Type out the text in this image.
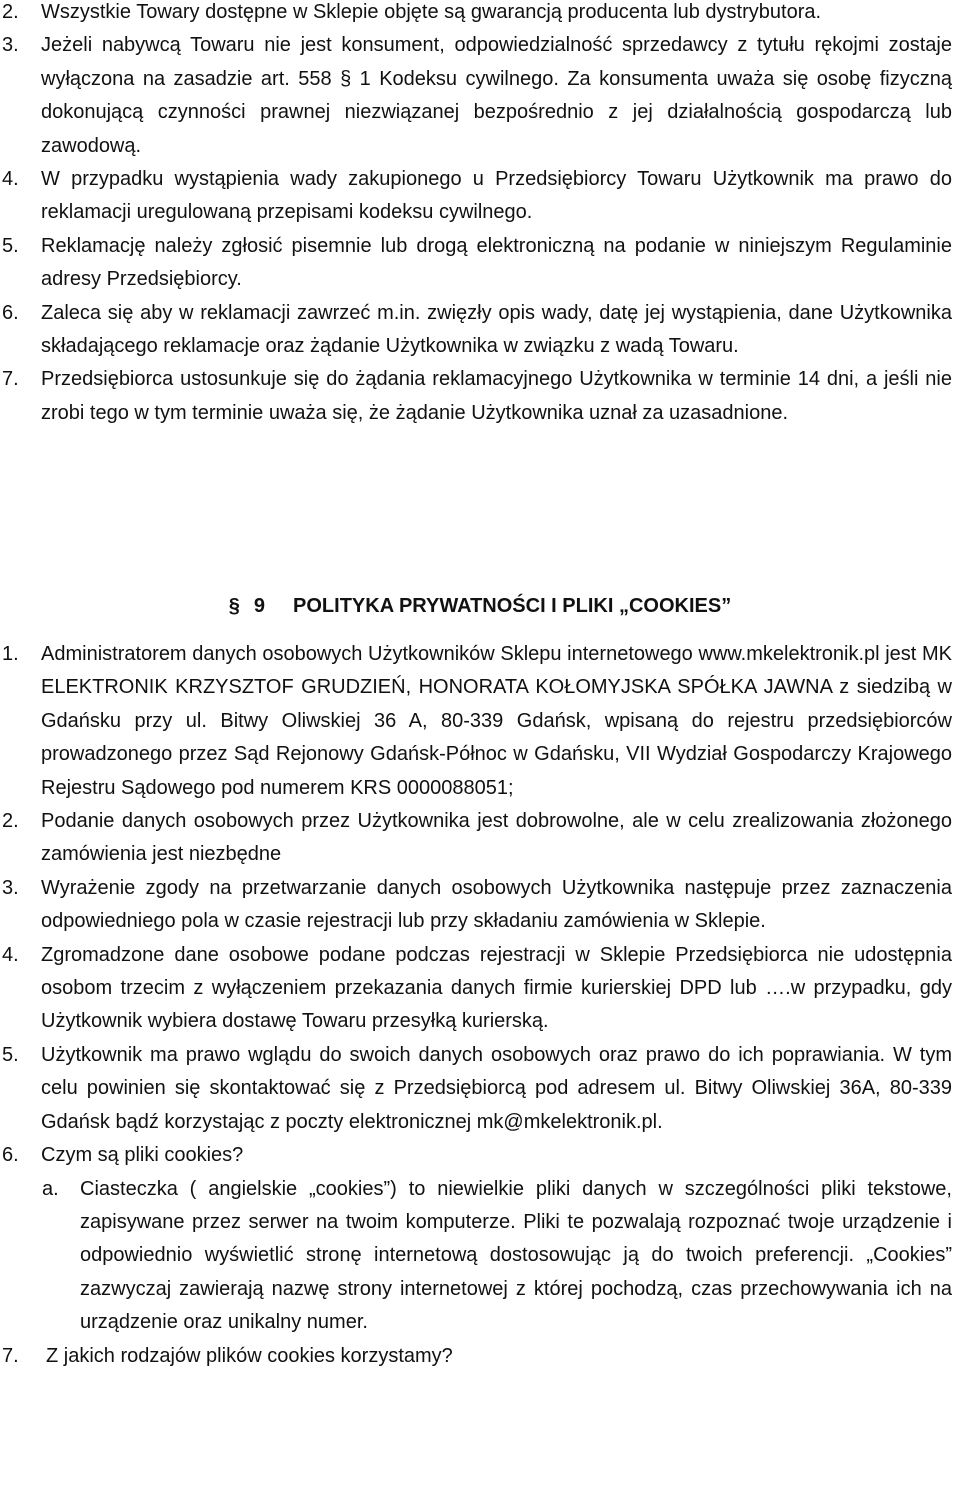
2. Wszystkie Towary dostępne w Sklepie objęte są gwarancją producenta lub dystrybutora.
3. Jeżeli nabywcą Towaru nie jest konsument, odpowiedzialność sprzedawcy z tytułu rękojmi zostaje wyłączona na zasadzie art. 558 § 1 Kodeksu cywilnego. Za konsumenta uważa się osobę fizyczną dokonującą czynności prawnej niezwiązanej bezpośrednio z jej działalnością gospodarczą lub zawodową.
4. W przypadku wystąpienia wady zakupionego u Przedsiębiorcy Towaru Użytkownik ma prawo do reklamacji uregulowaną przepisami kodeksu cywilnego.
5. Reklamację należy zgłosić pisemnie lub drogą elektroniczną na podanie w niniejszym Regulaminie adresy Przedsiębiorcy.
6. Zaleca się aby w reklamacji zawrzeć m.in. zwięzły opis wady, datę jej wystąpienia, dane Użytkownika składającego reklamacje oraz żądanie Użytkownika w związku z wadą Towaru.
7. Przedsiębiorca ustosunkuje się do żądania reklamacyjnego Użytkownika w terminie 14 dni, a jeśli nie zrobi tego w tym terminie uważa się, że żądanie Użytkownika uznał za uzasadnione.
§ 9 POLITYKA PRYWATNOŚCI I PLIKI „COOKIES”
1. Administratorem danych osobowych Użytkowników Sklepu internetowego www.mkelektronik.pl jest MK ELEKTRONIK KRZYSZTOF GRUDZIEŃ, HONORATA KOŁOMYJSKA SPÓŁKA JAWNA z siedzibą w Gdańsku przy ul. Bitwy Oliwskiej 36 A, 80-339 Gdańsk, wpisaną do rejestru przedsiębiorców prowadzonego przez Sąd Rejonowy Gdańsk-Północ w Gdańsku, VII Wydział Gospodarczy Krajowego Rejestru Sądowego pod numerem KRS 0000088051;
2. Podanie danych osobowych przez Użytkownika jest dobrowolne, ale w celu zrealizowania złożonego zamówienia jest niezbędne
3. Wyrażenie zgody na przetwarzanie danych osobowych Użytkownika następuje przez zaznaczenia odpowiedniego pola w czasie rejestracji lub przy składaniu zamówienia w Sklepie.
4. Zgromadzone dane osobowe podane podczas rejestracji w Sklepie Przedsiębiorca nie udostępnia osobom trzecim z wyłączeniem przekazania danych firmie kurierskiej DPD lub ….w przypadku, gdy Użytkownik wybiera dostawę Towaru przesyłką kurierską.
5. Użytkownik ma prawo wglądu do swoich danych osobowych oraz prawo do ich poprawiania. W tym celu powinien się skontaktować się z Przedsiębiorcą pod adresem ul. Bitwy Oliwskiej 36A, 80-339 Gdańsk bądź korzystając z poczty elektronicznej mk@mkelektronik.pl.
6. Czym są pliki cookies?
a. Ciasteczka ( angielskie „cookies”) to niewielkie pliki danych w szczególności pliki tekstowe, zapisywane przez serwer na twoim komputerze. Pliki te pozwalają rozpoznać twoje urządzenie i odpowiednio wyświetlić stronę internetową dostosowując ją do twoich preferencji. „Cookies” zazwyczaj zawierają nazwę strony internetowej z której pochodzą, czas przechowywania ich na urządzenie oraz unikalny numer.
7. Z jakich rodzajów plików cookies korzystamy?
